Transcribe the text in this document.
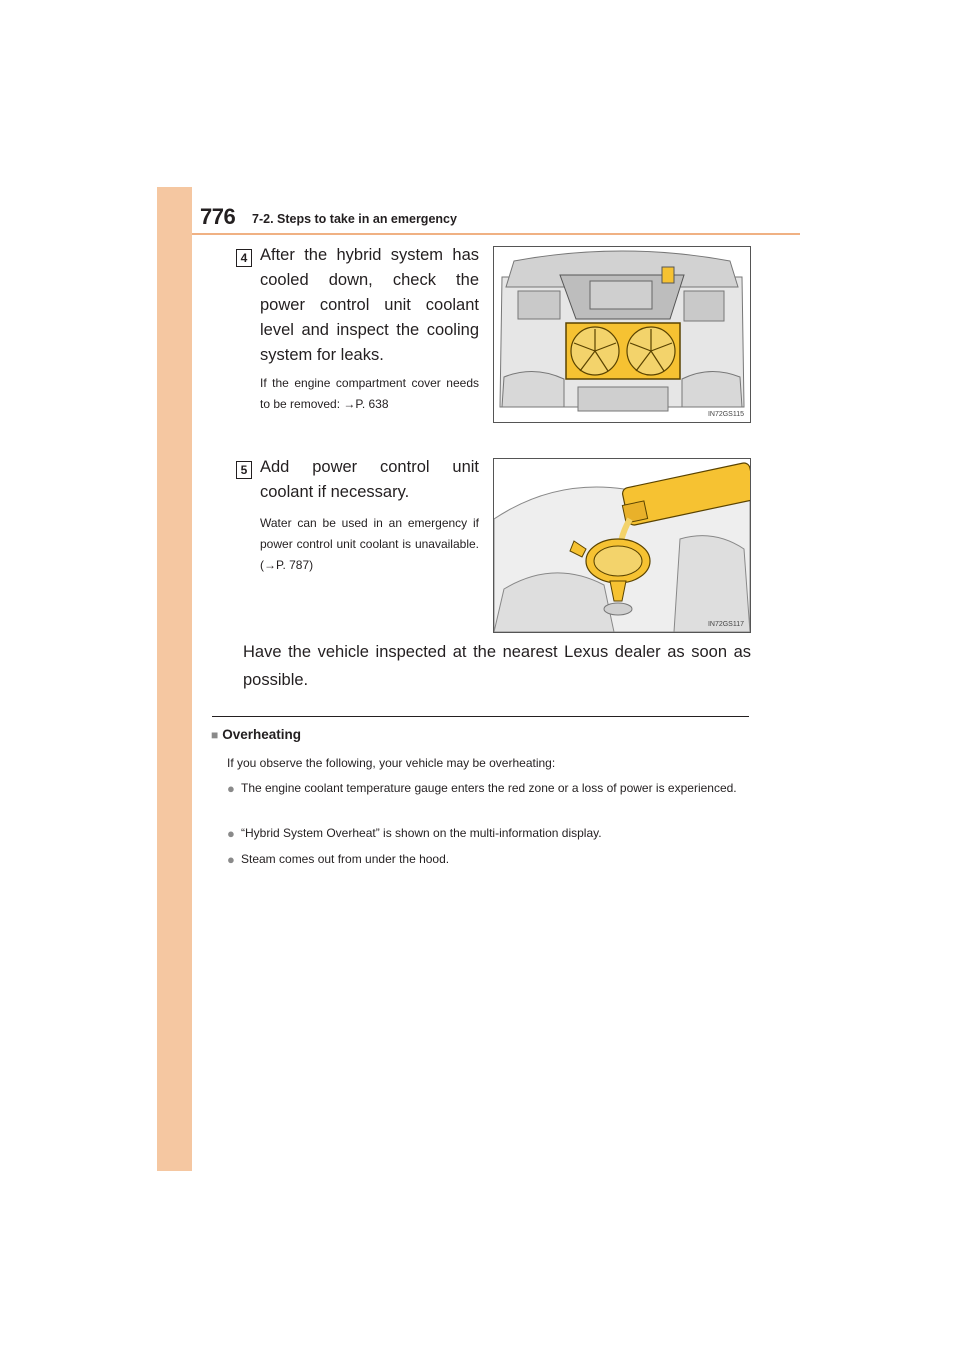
776 7-2. Steps to take in an emergency
4 After the hybrid system has cooled down, check the power control unit coolant level and inspect the cooling system for leaks.
If the engine compartment cover needs to be removed: →P. 638
IN72GS115
5 Add power control unit coolant if necessary.
Water can be used in an emergency if power control unit coolant is unavailable. (→P. 787)
IN72GS117
Have the vehicle inspected at the nearest Lexus dealer as soon as possible.
■ Overheating
If you observe the following, your vehicle may be overheating:
● The engine coolant temperature gauge enters the red zone or a loss of power is experienced.
● “Hybrid System Overheat” is shown on the multi-information display.
● Steam comes out from under the hood.
